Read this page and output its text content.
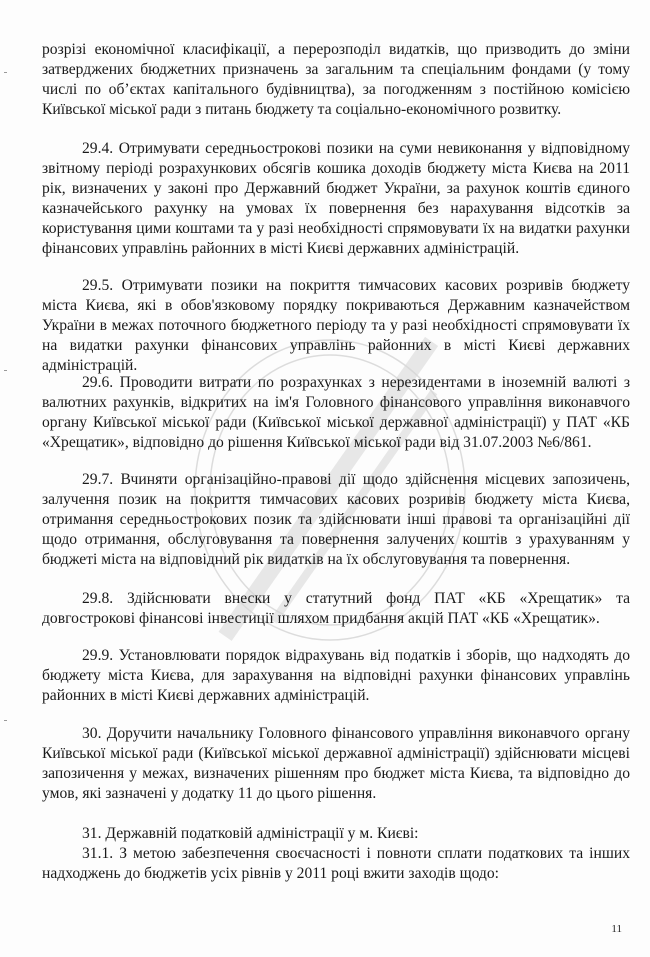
розрізі економічної класифікації, а перерозподіл видатків, що призводить до зміни затверджених бюджетних призначень за загальним та спеціальним фондами (у тому числі по об’єктах капітального будівництва), за погодженням з постійною комісією Київської міської ради з питань бюджету та соціально-економічного розвитку.

29.4. Отримувати середньострокові позики на суми невиконання у відповідному звітному періоді розрахункових обсягів кошика доходів бюджету міста Києва на 2011 рік, визначених у законі про Державний бюджет України, за рахунок коштів єдиного казначейського рахунку на умовах їх повернення без нарахування відсотків за користування цими коштами та у разі необхідності спрямовувати їх на видатки рахунки фінансових управлінь районних в місті Києві державних адміністрацій.

29.5. Отримувати позики на покриття тимчасових касових розривів бюджету міста Києва, які в обов'язковому порядку покриваються Державним казначейством України в межах поточного бюджетного періоду та у разі необхідності спрямовувати їх на видатки рахунки фінансових управлінь районних в місті Києві державних адміністрацій.

29.6. Проводити витрати по розрахунках з нерезидентами в іноземній валюті з валютних рахунків, відкритих на ім'я Головного фінансового управління виконавчого органу Київської міської ради (Київської міської державної адміністрації) у ПАТ «КБ «Хрещатик», відповідно до рішення Київської міської ради від 31.07.2003 №6/861.

29.7. Вчиняти організаційно-правові дії щодо здійснення місцевих запозичень, залучення позик на покриття тимчасових касових розривів бюджету міста Києва, отримання середньострокових позик та здійснювати інші правові та організаційні дії щодо отримання, обслуговування та повернення залучених коштів з урахуванням у бюджеті міста на відповідний рік видатків на їх обслуговування та повернення.

29.8. Здійснювати внески у статутний фонд ПАТ «КБ «Хрещатик» та довгострокові фінансові інвестиції шляхом придбання акцій ПАТ «КБ «Хрещатик».

29.9. Установлювати порядок відрахувань від податків і зборів, що надходять до бюджету міста Києва, для зарахування на відповідні рахунки фінансових управлінь районних в місті Києві державних адміністрацій.

30. Доручити начальнику Головного фінансового управління виконавчого органу Київської міської ради (Київської міської державної адміністрації) здійснювати місцеві запозичення у межах, визначених рішенням про бюджет міста Києва, та відповідно до умов, які зазначені у додатку 11 до цього рішення.

31. Державній податковій адміністрації у м. Києві:

31.1. З метою забезпечення своєчасності і повноти сплати податкових та інших надходжень до бюджетів усіх рівнів у 2011 році вжити заходів щодо:

11
